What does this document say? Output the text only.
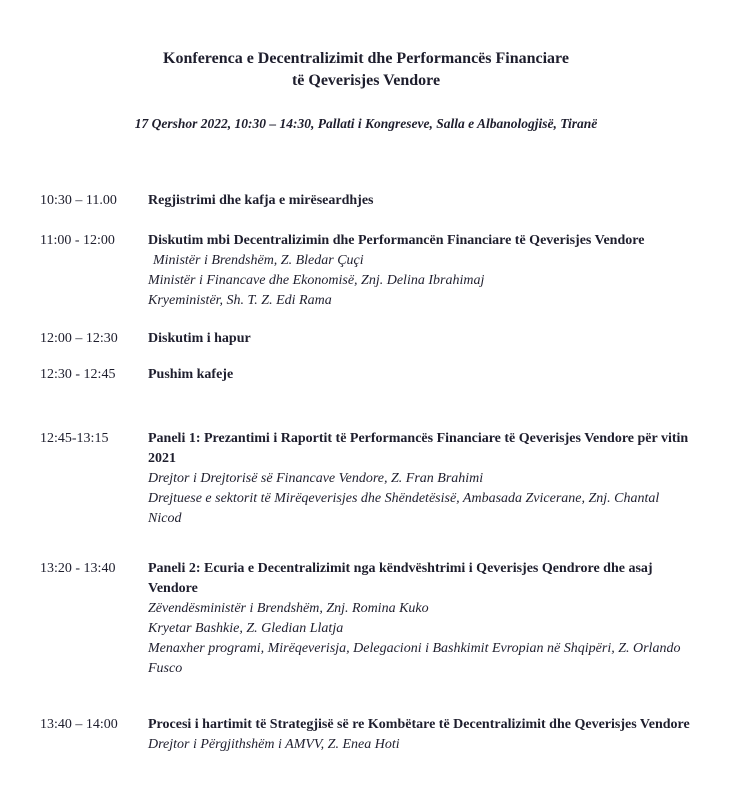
Konferenca e Decentralizimit dhe Performancës Financiare
të Qeverisjes Vendore
17 Qershor 2022, 10:30 – 14:30, Pallati i Kongreseve, Salla e Albanologjisë, Tiranë
10:30 – 11.00	Regjistrimi dhe kafja e mirëseardhjes
11:00 - 12:00	Diskutim mbi Decentralizimin dhe Performancën Financiare të Qeverisjes Vendore
Ministër i Brendshëm, Z. Bledar Çuçi
Ministër i Financave dhe Ekonomisë, Znj. Delina Ibrahimaj
Kryeministër, Sh. T. Z. Edi Rama
12:00 – 12:30	Diskutim i hapur
12:30 - 12:45	Pushim kafeje
12:45-13:15	Paneli 1: Prezantimi i Raportit të Performancës Financiare të Qeverisjes Vendore për vitin 2021
Drejtor i Drejtorisë së Financave Vendore, Z. Fran Brahimi
Drejtuese e sektorit të Mirëqeverisjes dhe Shëndetësisë, Ambasada Zvicerane, Znj. Chantal Nicod
13:20 - 13:40	Paneli 2: Ecuria e Decentralizimit nga këndvështrimi i Qeverisjes Qendrore dhe asaj Vendore
Zëvendësministër i Brendshëm, Znj. Romina Kuko
Kryetar Bashkie, Z. Gledian Llatja
Menaxher programi, Mirëqeverisja, Delegacioni i Bashkimit Evropian në Shqipëri, Z. Orlando Fusco
13:40 – 14:00	Procesi i hartimit të Strategjisë së re Kombëtare të Decentralizimit dhe Qeverisjes Vendore
Drejtor i Përgjithshëm i AMVV, Z. Enea Hoti
